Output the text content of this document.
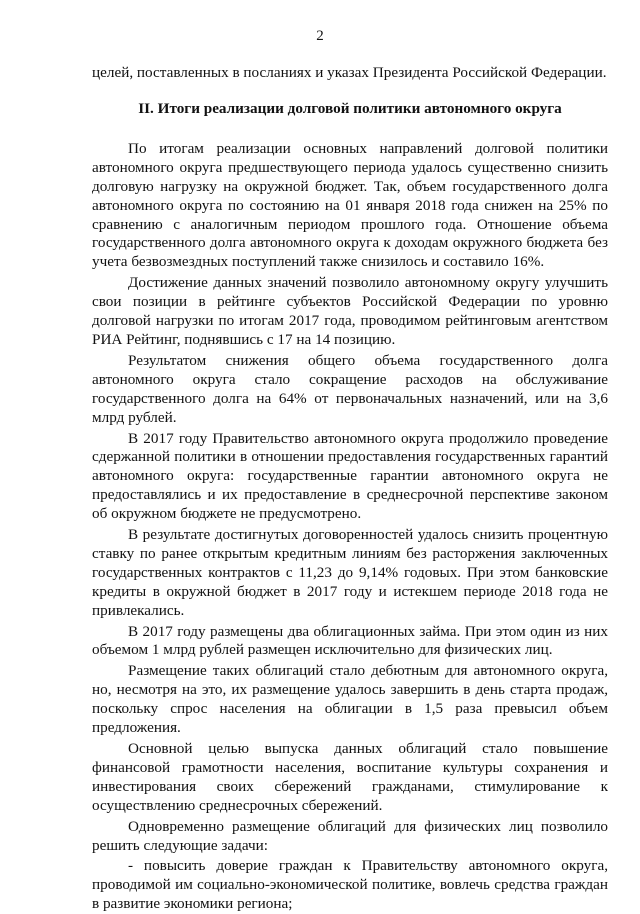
2

целей, поставленных в посланиях и указах Президента Российской Федерации.

II. Итоги реализации долговой политики автономного округа

По итогам реализации основных направлений долговой политики автономного округа предшествующего периода удалось существенно снизить долговую нагрузку на окружной бюджет. Так, объем государственного долга автономного округа по состоянию на 01 января 2018 года снижен на 25% по сравнению с аналогичным периодом прошлого года. Отношение объема государственного долга автономного округа к доходам окружного бюджета без учета безвозмездных поступлений также снизилось и составило 16%.

Достижение данных значений позволило автономному округу улучшить свои позиции в рейтинге субъектов Российской Федерации по уровню долговой нагрузки по итогам 2017 года, проводимом рейтинговым агентством РИА Рейтинг, поднявшись с 17 на 14 позицию.

Результатом снижения общего объема государственного долга автономного округа стало сокращение расходов на обслуживание государственного долга на 64% от первоначальных назначений, или на 3,6 млрд рублей.

В 2017 году Правительство автономного округа продолжило проведение сдержанной политики в отношении предоставления государственных гарантий автономного округа: государственные гарантии автономного округа не предоставлялись и их предоставление в среднесрочной перспективе законом об окружном бюджете не предусмотрено.

В результате достигнутых договоренностей удалось снизить процентную ставку по ранее открытым кредитным линиям без расторжения заключенных государственных контрактов с 11,23 до 9,14% годовых. При этом банковские кредиты в окружной бюджет в 2017 году и истекшем периоде 2018 года не привлекались.

В 2017 году размещены два облигационных займа. При этом один из них объемом 1 млрд рублей размещен исключительно для физических лиц.

Размещение таких облигаций стало дебютным для автономного округа, но, несмотря на это, их размещение удалось завершить в день старта продаж, поскольку спрос населения на облигации в 1,5 раза превысил объем предложения.

Основной целью выпуска данных облигаций стало повышение финансовой грамотности населения, воспитание культуры сохранения и инвестирования своих сбережений гражданами, стимулирование к осуществлению среднесрочных сбережений.

Одновременно размещение облигаций для физических лиц позволило решить следующие задачи:

- повысить доверие граждан к Правительству автономного округа, проводимой им социально-экономической политике, вовлечь средства граждан в развитие экономики региона;
